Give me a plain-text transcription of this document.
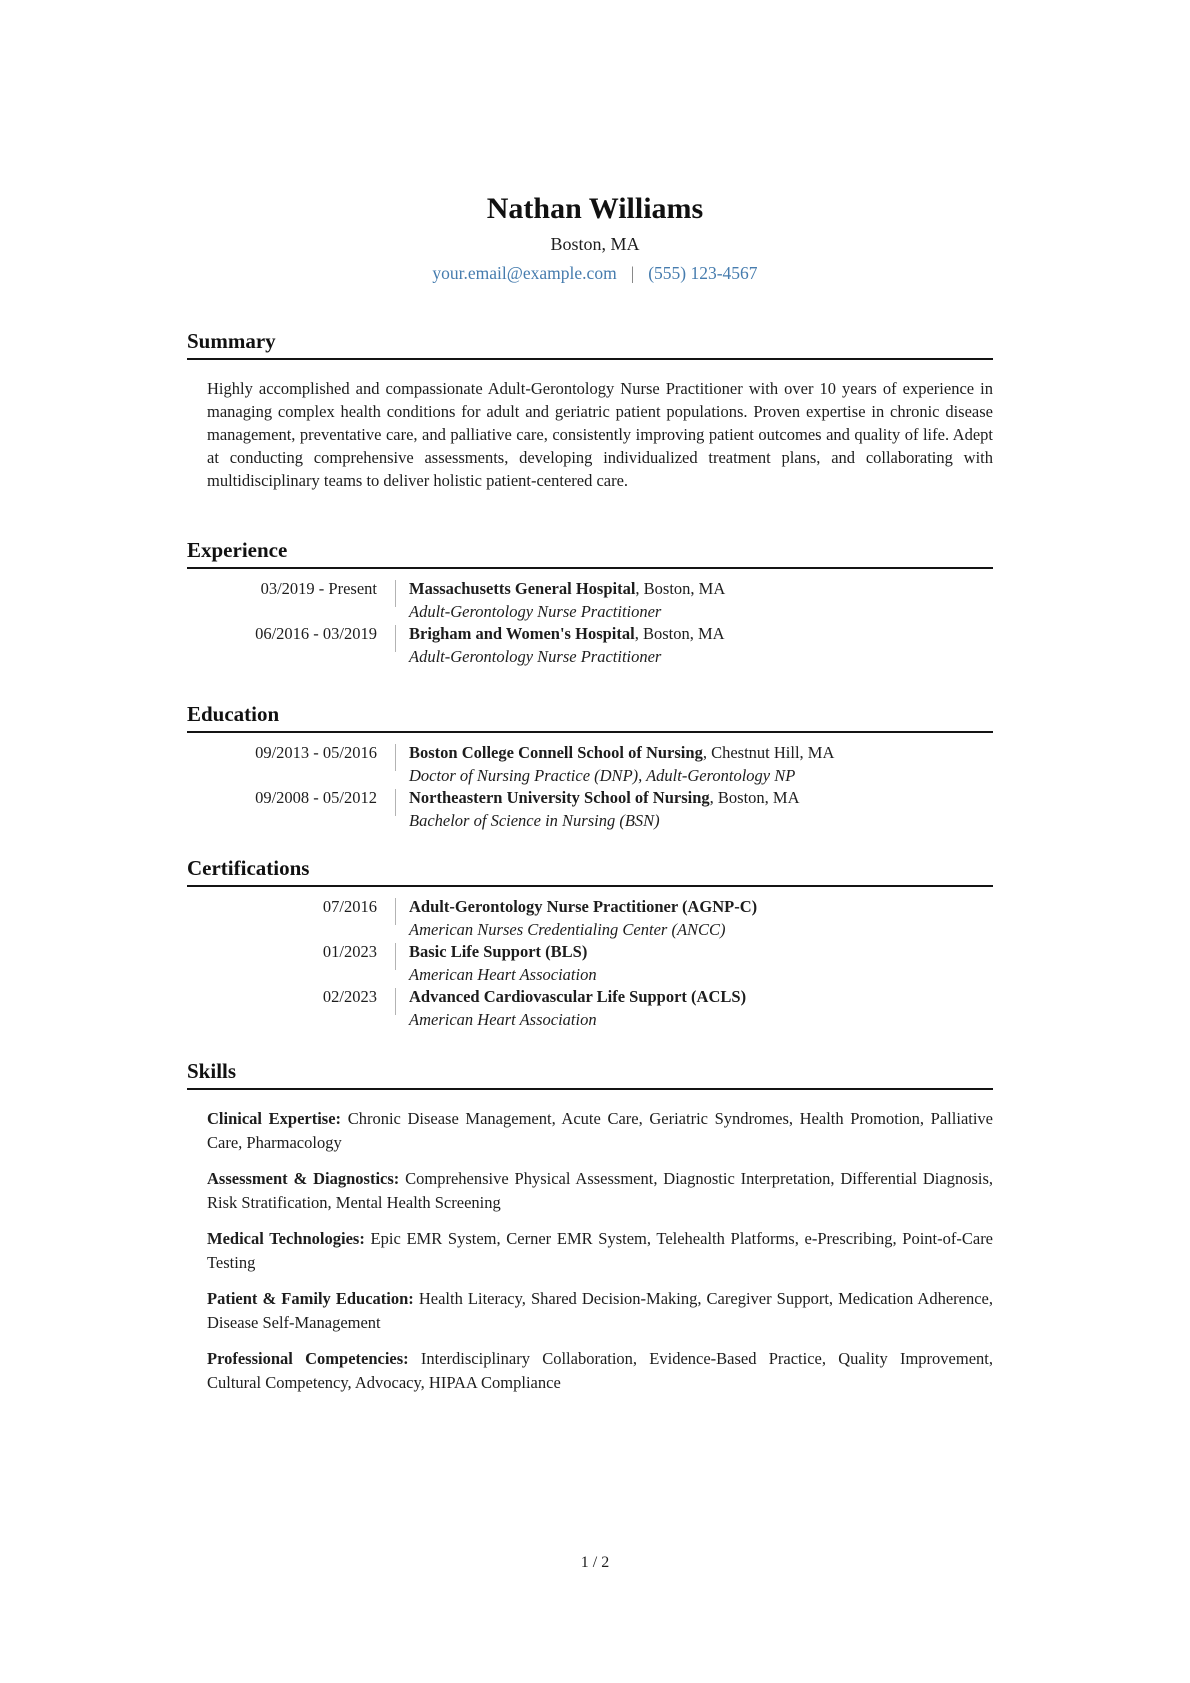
Nathan Williams
Boston, MA
your.email@example.com | (555) 123-4567
Summary
Highly accomplished and compassionate Adult-Gerontology Nurse Practitioner with over 10 years of experience in managing complex health conditions for adult and geriatric patient populations. Proven expertise in chronic disease management, preventative care, and palliative care, consistently improving patient outcomes and quality of life. Adept at conducting comprehensive assessments, developing individualized treatment plans, and collaborating with multidisciplinary teams to deliver holistic patient-centered care.
Experience
03/2019 - Present Massachusetts General Hospital, Boston, MA
Adult-Gerontology Nurse Practitioner
06/2016 - 03/2019 Brigham and Women's Hospital, Boston, MA
Adult-Gerontology Nurse Practitioner
Education
09/2013 - 05/2016 Boston College Connell School of Nursing, Chestnut Hill, MA
Doctor of Nursing Practice (DNP), Adult-Gerontology NP
09/2008 - 05/2012 Northeastern University School of Nursing, Boston, MA
Bachelor of Science in Nursing (BSN)
Certifications
07/2016 Adult-Gerontology Nurse Practitioner (AGNP-C)
American Nurses Credentialing Center (ANCC)
01/2023 Basic Life Support (BLS)
American Heart Association
02/2023 Advanced Cardiovascular Life Support (ACLS)
American Heart Association
Skills

Clinical Expertise: Chronic Disease Management, Acute Care, Geriatric Syndromes, Health Promotion, Palliative Care, Pharmacology

Assessment & Diagnostics: Comprehensive Physical Assessment, Diagnostic Interpretation, Differential Diagnosis, Risk Stratification, Mental Health Screening

Medical Technologies: Epic EMR System, Cerner EMR System, Telehealth Platforms, e-Prescribing, Point-of-Care Testing

Patient & Family Education: Health Literacy, Shared Decision-Making, Caregiver Support, Medication Adherence, Disease Self-Management

Professional Competencies: Interdisciplinary Collaboration, Evidence-Based Practice, Quality Improvement, Cultural Competency, Advocacy, HIPAA Compliance

1 / 2
